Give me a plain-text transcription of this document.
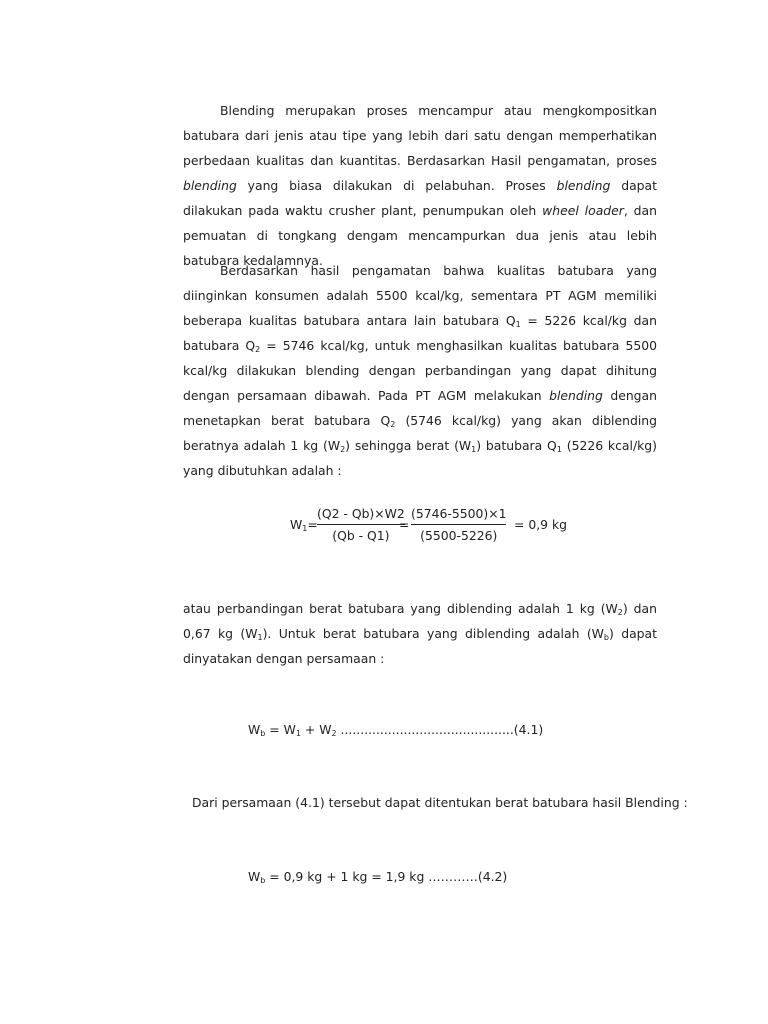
Blending merupakan proses mencampur atau mengkompositkan batubara dari jenis atau tipe yang lebih dari satu dengan memperhatikan perbedaan kualitas dan kuantitas. Berdasarkan Hasil pengamatan, proses blending yang biasa dilakukan di pelabuhan. Proses blending dapat dilakukan pada waktu crusher plant, penumpukan oleh wheel loader, dan pemuatan di tongkang dengam mencampurkan dua jenis atau lebih batubara kedalamnya.

Berdasarkan hasil pengamatan bahwa kualitas batubara yang diinginkan konsumen adalah 5500 kcal/kg, sementara PT AGM memiliki beberapa kualitas batubara antara lain batubara $Q_1 = 5226$ kcal/kg dan batubara $Q_2 = 5746$ kcal/kg, untuk menghasilkan kualitas batubara 5500 kcal/kg dilakukan blending dengan perbandingan yang dapat dihitung dengan persamaan dibawah. Pada PT AGM melakukan blending dengan menetapkan berat batubara $Q_2$ (5746 kcal/kg) yang akan diblending beratnya adalah 1 kg $(W_2)$ sehingga berat $(W_1)$ batubara $Q_1$ (5226 kcal/kg) yang dibutuhkan adalah :

$W_1= \frac{(Q2 - Qb)\times W2}{(Qb - Q1)}$
= $\frac{(5746-5500)\times 1}{(5500-5226)} = 0,9$ kg

atau perbandingan berat batubara yang diblending adalah 1 kg $(W_2)$ dan 0,67 kg $(W_1)$. Untuk berat batubara yang diblending adalah $(W_b)$ dapat dinyatakan dengan persamaan :

$W_b = W_1 + W_2$ ............................................(4.1)
Dari persamaan (4.1) tersebut dapat ditentukan berat batubara hasil Blending :
$W_b = 0,9$ kg + 1 kg = 1,9 kg …………(4.2)
